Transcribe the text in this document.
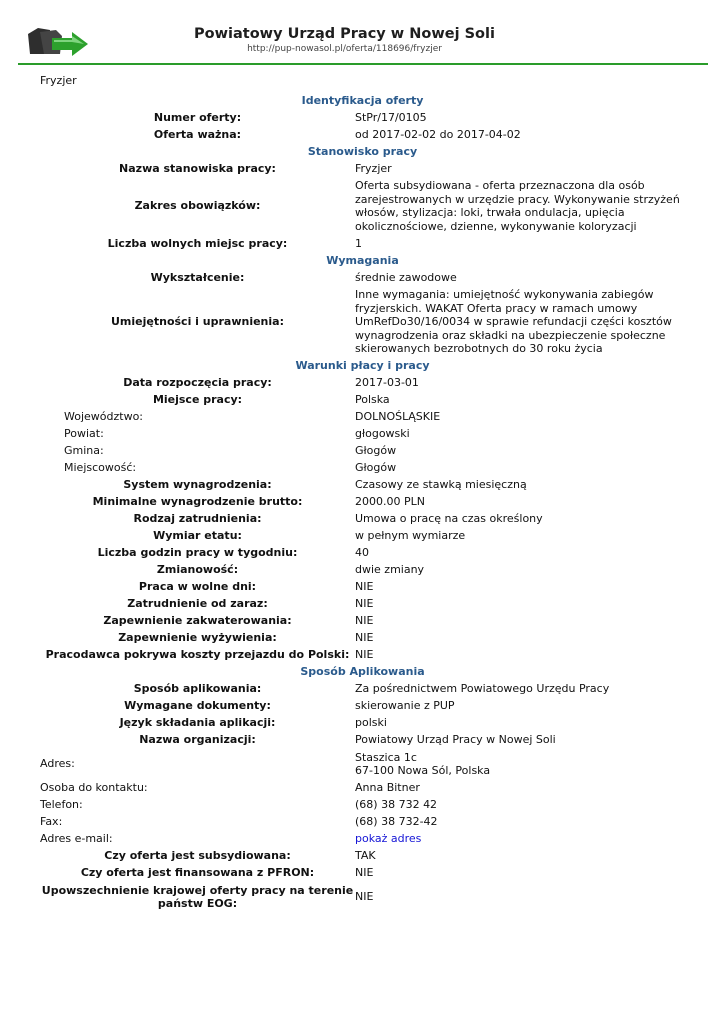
Powiatowy Urząd Pracy w Nowej Soli
http://pup-nowasol.pl/oferta/118696/fryzjer
Fryzjer
Identyfikacja oferty	
Numer oferty:	StPr/17/0105
Oferta ważna:	od 2017-02-02 do 2017-04-02
Stanowisko pracy	
Nazwa stanowiska pracy:	Fryzjer
Zakres obowiązków:	Oferta subsydiowana - oferta przeznaczona dla osób zarejestrowanych w urzędzie pracy. Wykonywanie strzyżeń włosów, stylizacja: loki, trwała ondulacja, upięcia okolicznościowe, dzienne, wykonywanie koloryzacji
Liczba wolnych miejsc pracy:	1
Wymagania	
Wykształcenie:	średnie zawodowe
Umiejętności i uprawnienia:	Inne wymagania: umiejętność wykonywania zabiegów fryzjerskich. WAKAT Oferta pracy w ramach umowy UmRefDo30/16/0034 w sprawie refundacji części kosztów wynagrodzenia oraz składki na ubezpieczenie społeczne skierowanych bezrobotnych do 30 roku życia
Warunki płacy i pracy	
Data rozpoczęcia pracy:	2017-03-01
Miejsce pracy:	Polska
Województwo:	DOLNOŚLĄSKIE
Powiat:	głogowski
Gmina:	Głogów
Miejscowość:	Głogów
System wynagrodzenia:	Czasowy ze stawką miesięczną
Minimalne wynagrodzenie brutto:	2000.00 PLN
Rodzaj zatrudnienia:	Umowa o pracę na czas określony
Wymiar etatu:	w pełnym wymiarze
Liczba godzin pracy w tygodniu:	40
Zmianowość:	dwie zmiany
Praca w wolne dni:	NIE
Zatrudnienie od zaraz:	NIE
Zapewnienie zakwaterowania:	NIE
Zapewnienie wyżywienia:	NIE
Pracodawca pokrywa koszty przejazdu do Polski:	NIE
Sposób Aplikowania	
Sposób aplikowania:	Za pośrednictwem Powiatowego Urzędu Pracy
Wymagane dokumenty:	skierowanie z PUP
Język składania aplikacji:	polski
Nazwa organizacji:	Powiatowy Urząd Pracy w Nowej Soli
Adres:	Staszica 1c
67-100 Nowa Sól, Polska

Osoba do kontaktu:	Anna Bitner
Telefon:	(68) 38 732 42
Fax:	(68) 38 732-42
Adres e-mail:	pokaż adres
Czy oferta jest subsydiowana:	TAK
Czy oferta jest finansowana z PFRON:	NIE
Upowszechnienie krajowej oferty pracy na terenie państw EOG:	NIE
